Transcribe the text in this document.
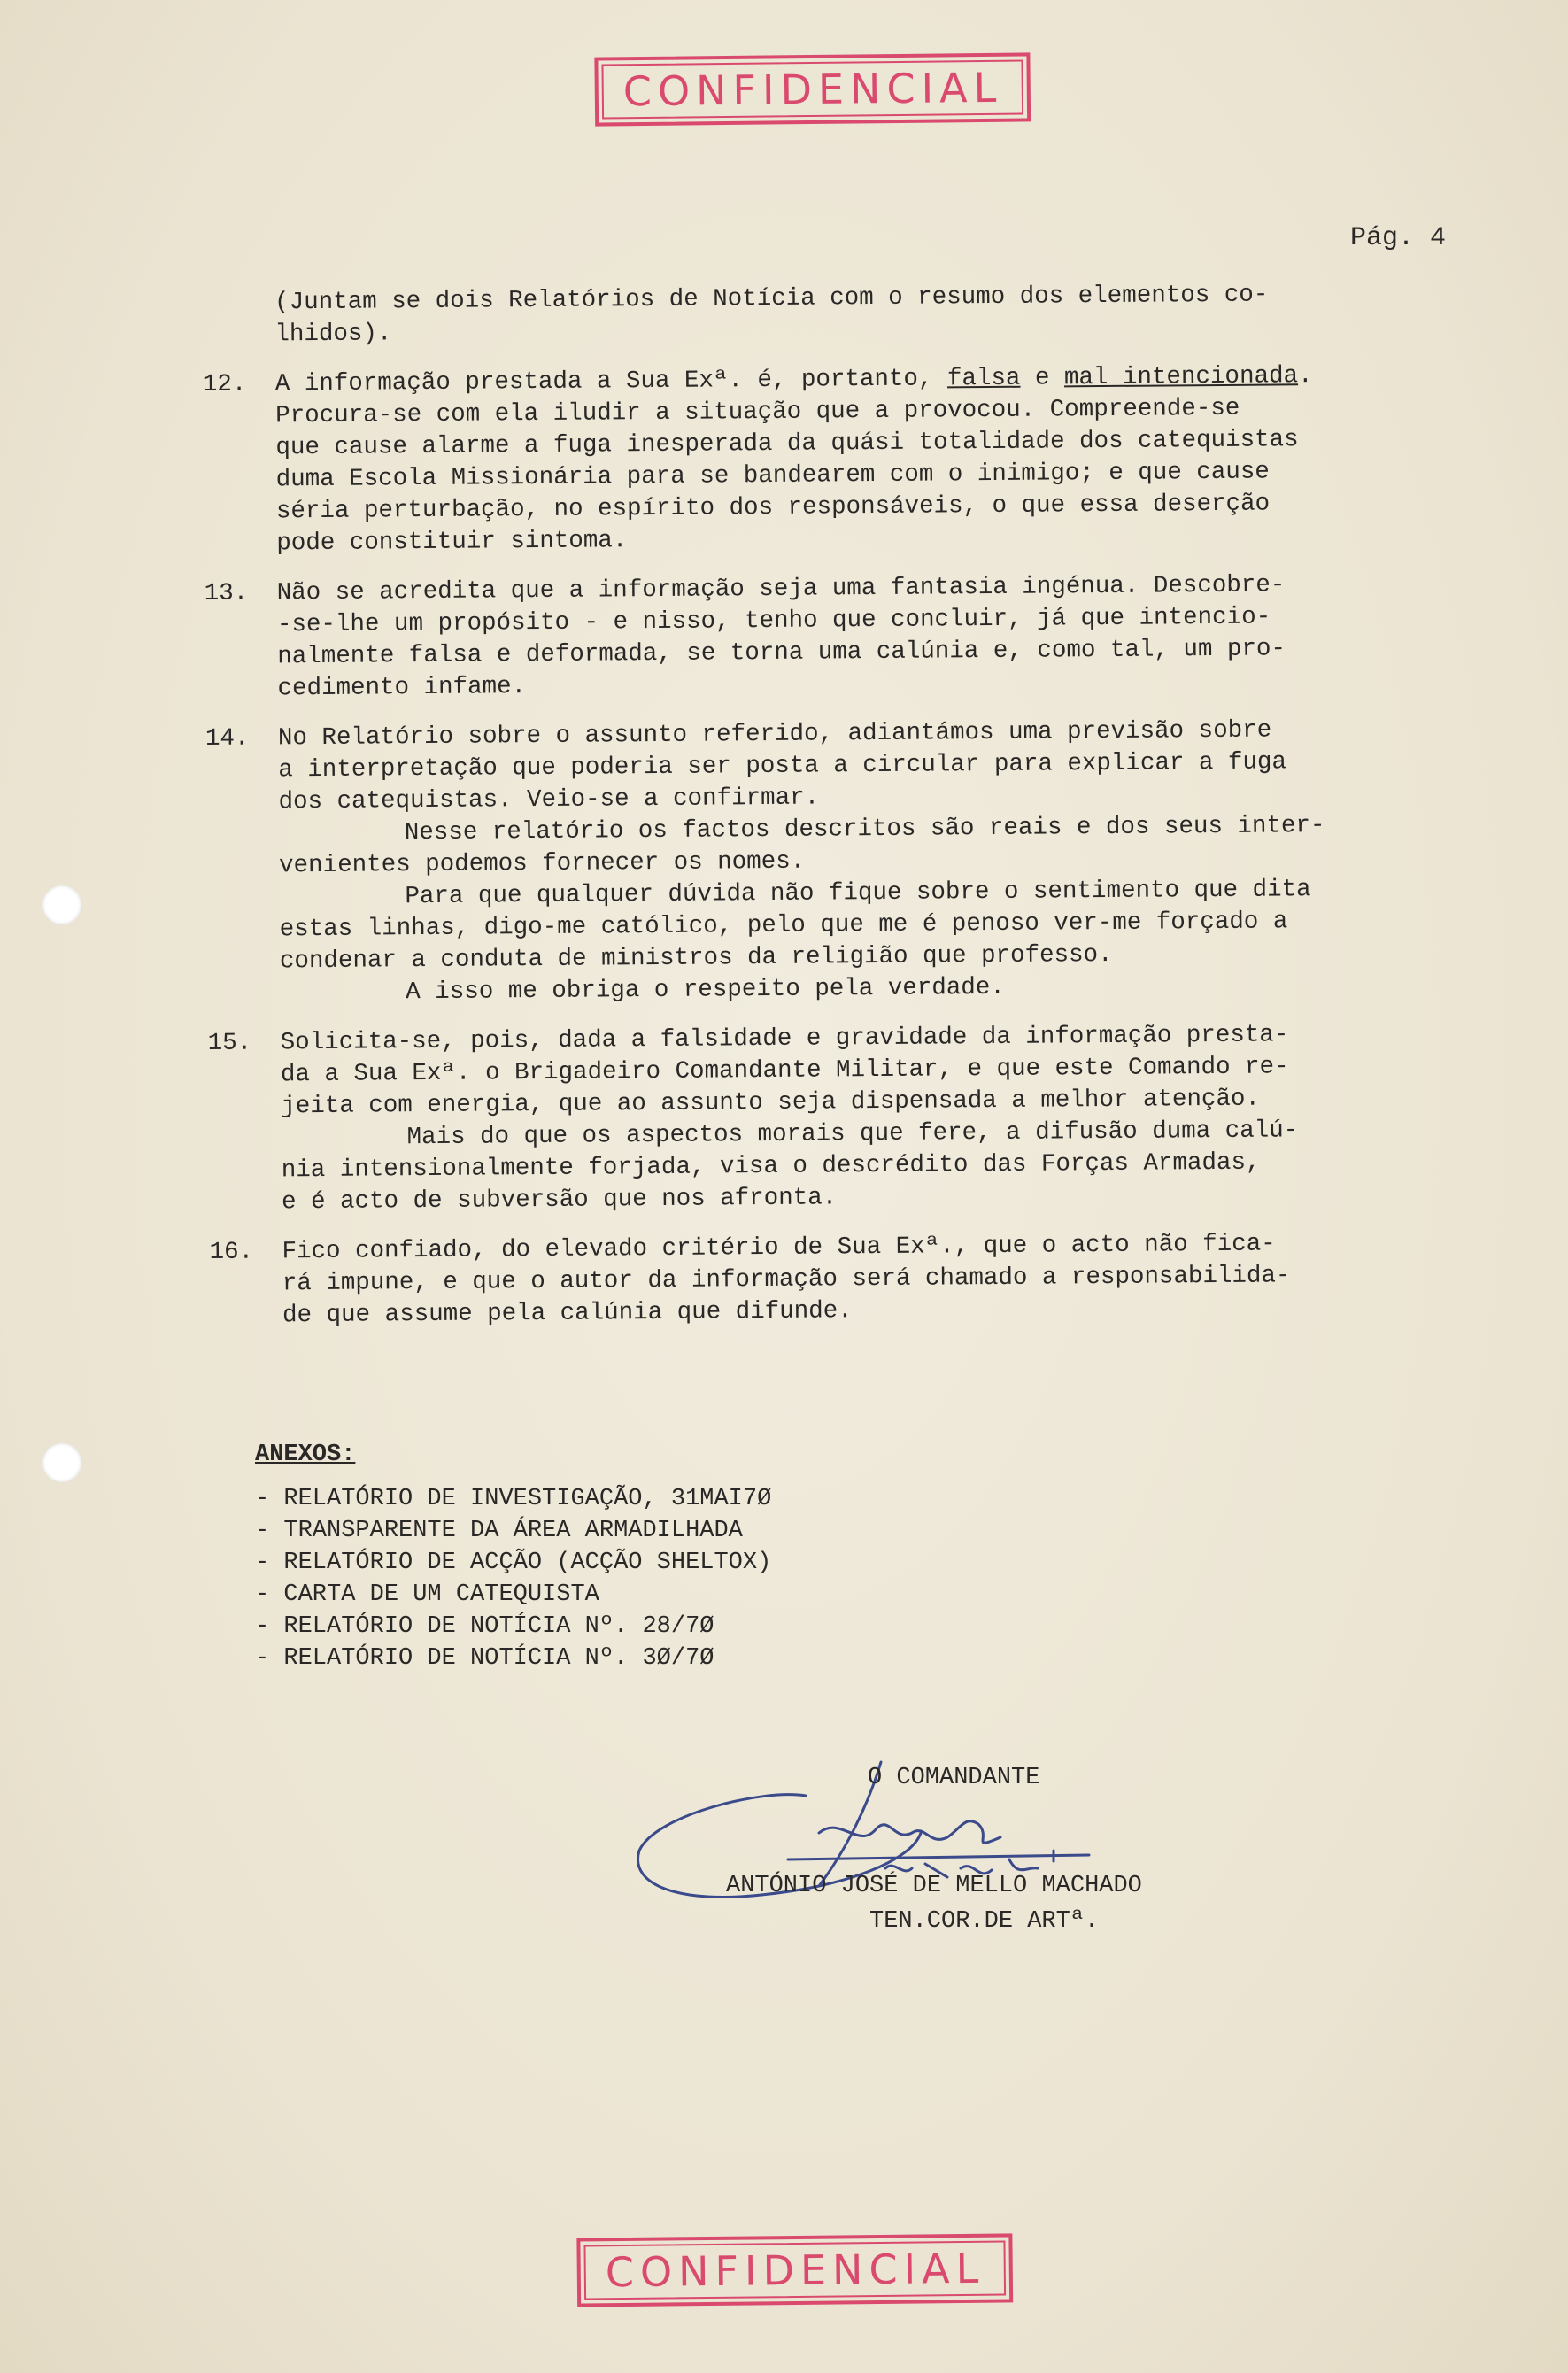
CONFIDENCIAL
Pág. 4
(Juntam se dois Relatórios de Notícia com o resumo dos elementos co-
lhidos).
12. A informação prestada a Sua Exª. é, portanto, falsa e mal intencionada.
Procura-se com ela iludir a situação que a provocou. Compreende-se
que cause alarme a fuga inesperada da quási totalidade dos catequistas
duma Escola Missionária para se bandearem com o inimigo; e que cause
séria perturbação, no espírito dos responsáveis, o que essa deserção
pode constituir sintoma.
13. Não se acredita que a informação seja uma fantasia ingénua. Descobre-
-se-lhe um propósito - e nisso, tenho que concluir, já que intencio-
nalmente falsa e deformada, se torna uma calúnia e, como tal, um pro-
cedimento infame.
14. No Relatório sobre o assunto referido, adiantámos uma previsão sobre
a interpretação que poderia ser posta a circular para explicar a fuga
dos catequistas. Veio-se a confirmar.
Nesse relatório os factos descritos são reais e dos seus inter-
venientes podemos fornecer os nomes.
Para que qualquer dúvida não fique sobre o sentimento que dita
estas linhas, digo-me católico, pelo que me é penoso ver-me forçado a
condenar a conduta de ministros da religião que professo.
A isso me obriga o respeito pela verdade.
15. Solicita-se, pois, dada a falsidade e gravidade da informação presta-
da a Sua Exª. o Brigadeiro Comandante Militar, e que este Comando re-
jeita com energia, que ao assunto seja dispensada a melhor atenção.
Mais do que os aspectos morais que fere, a difusão duma calú-
nia intensionalmente forjada, visa o descrédito das Forças Armadas,
e é acto de subversão que nos afronta.
16. Fico confiado, do elevado critério de Sua Exª., que o acto não fica-
rá impune, e que o autor da informação será chamado a responsabilida-
de que assume pela calúnia que difunde.
ANEXOS:
- RELATÓRIO DE INVESTIGAÇÃO, 31MAI7Ø
- TRANSPARENTE DA ÁREA ARMADILHADA
- RELATÓRIO DE ACÇÃO (ACÇÃO SHELTOX)
- CARTA DE UM CATEQUISTA
- RELATÓRIO DE NOTÍCIA Nº. 28/7Ø
- RELATÓRIO DE NOTÍCIA Nº. 3Ø/7Ø
O COMANDANTE
ANTÓNIO JOSÉ DE MELLO MACHADO
TEN.COR.DE ARTª.
CONFIDENCIAL
